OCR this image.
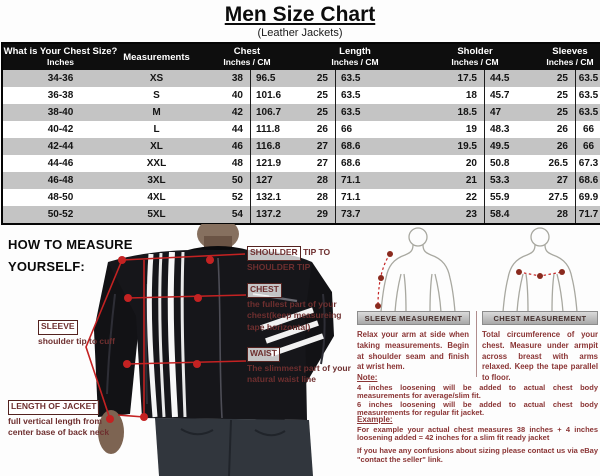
Men Size Chart
(Leather Jackets)
What is Your Chest Size?
Inches	Measurements	Chest
Inches / CM
Length
Inches / CM
Sholder
Inches / CM
Sleeves
Inches / CM
34-36	XS	38	96.5	25	63.5	17.5	44.5	25	63.5
36-38	S	40	101.6	25	63.5	18	45.7	25	63.5
38-40	M	42	106.7	25	63.5	18.5	47	25	63.5
40-42	L	44	111.8	26	66	19	48.3	26	66
42-44	XL	46	116.8	27	68.6	19.5	49.5	26	66
44-46	XXL	48	121.9	27	68.6	20	50.8	26.5	67.3
46-48	3XL	50	127	28	71.1	21	53.3	27	68.6
48-50	4XL	52	132.1	28	71.1	22	55.9	27.5	69.9
50-52	5XL	54	137.2	29	73.7	23	58.4	28	71.7
HOW TO MEASURE YOURSELF:
SHOULDER TIP TO SHOULDER TIP
CHEST
the fullest part of your chest(keep measureing tape horizontal)
WAIST
The slimmest part of your natural waist line
SLEEVE
shoulder tip to cuff
LENGTH OF JACKET
full vertical length from center base of back neck
SLEEVE MEASUREMENT	CHEST MEASUREMENT
Relax your arm at side when taking measurements. Begin at shoulder seam and finish at wrist hem.
Total circumference of your chest. Measure under armpit across breast with arms relaxed. Keep the tape parallel to floor.
Note:
4 inches loosening will be added to actual chest body measurements for average/slim fit.
6 inches loosening will be added to actual chest body measurements for regular fit jacket.
Example:
For example your actual chest measures 38 inches + 4 inches loosening added = 42 inches for a slim fit ready jacket
If you have any confusions about sizing please contact us via eBay "contact the seller" link.
